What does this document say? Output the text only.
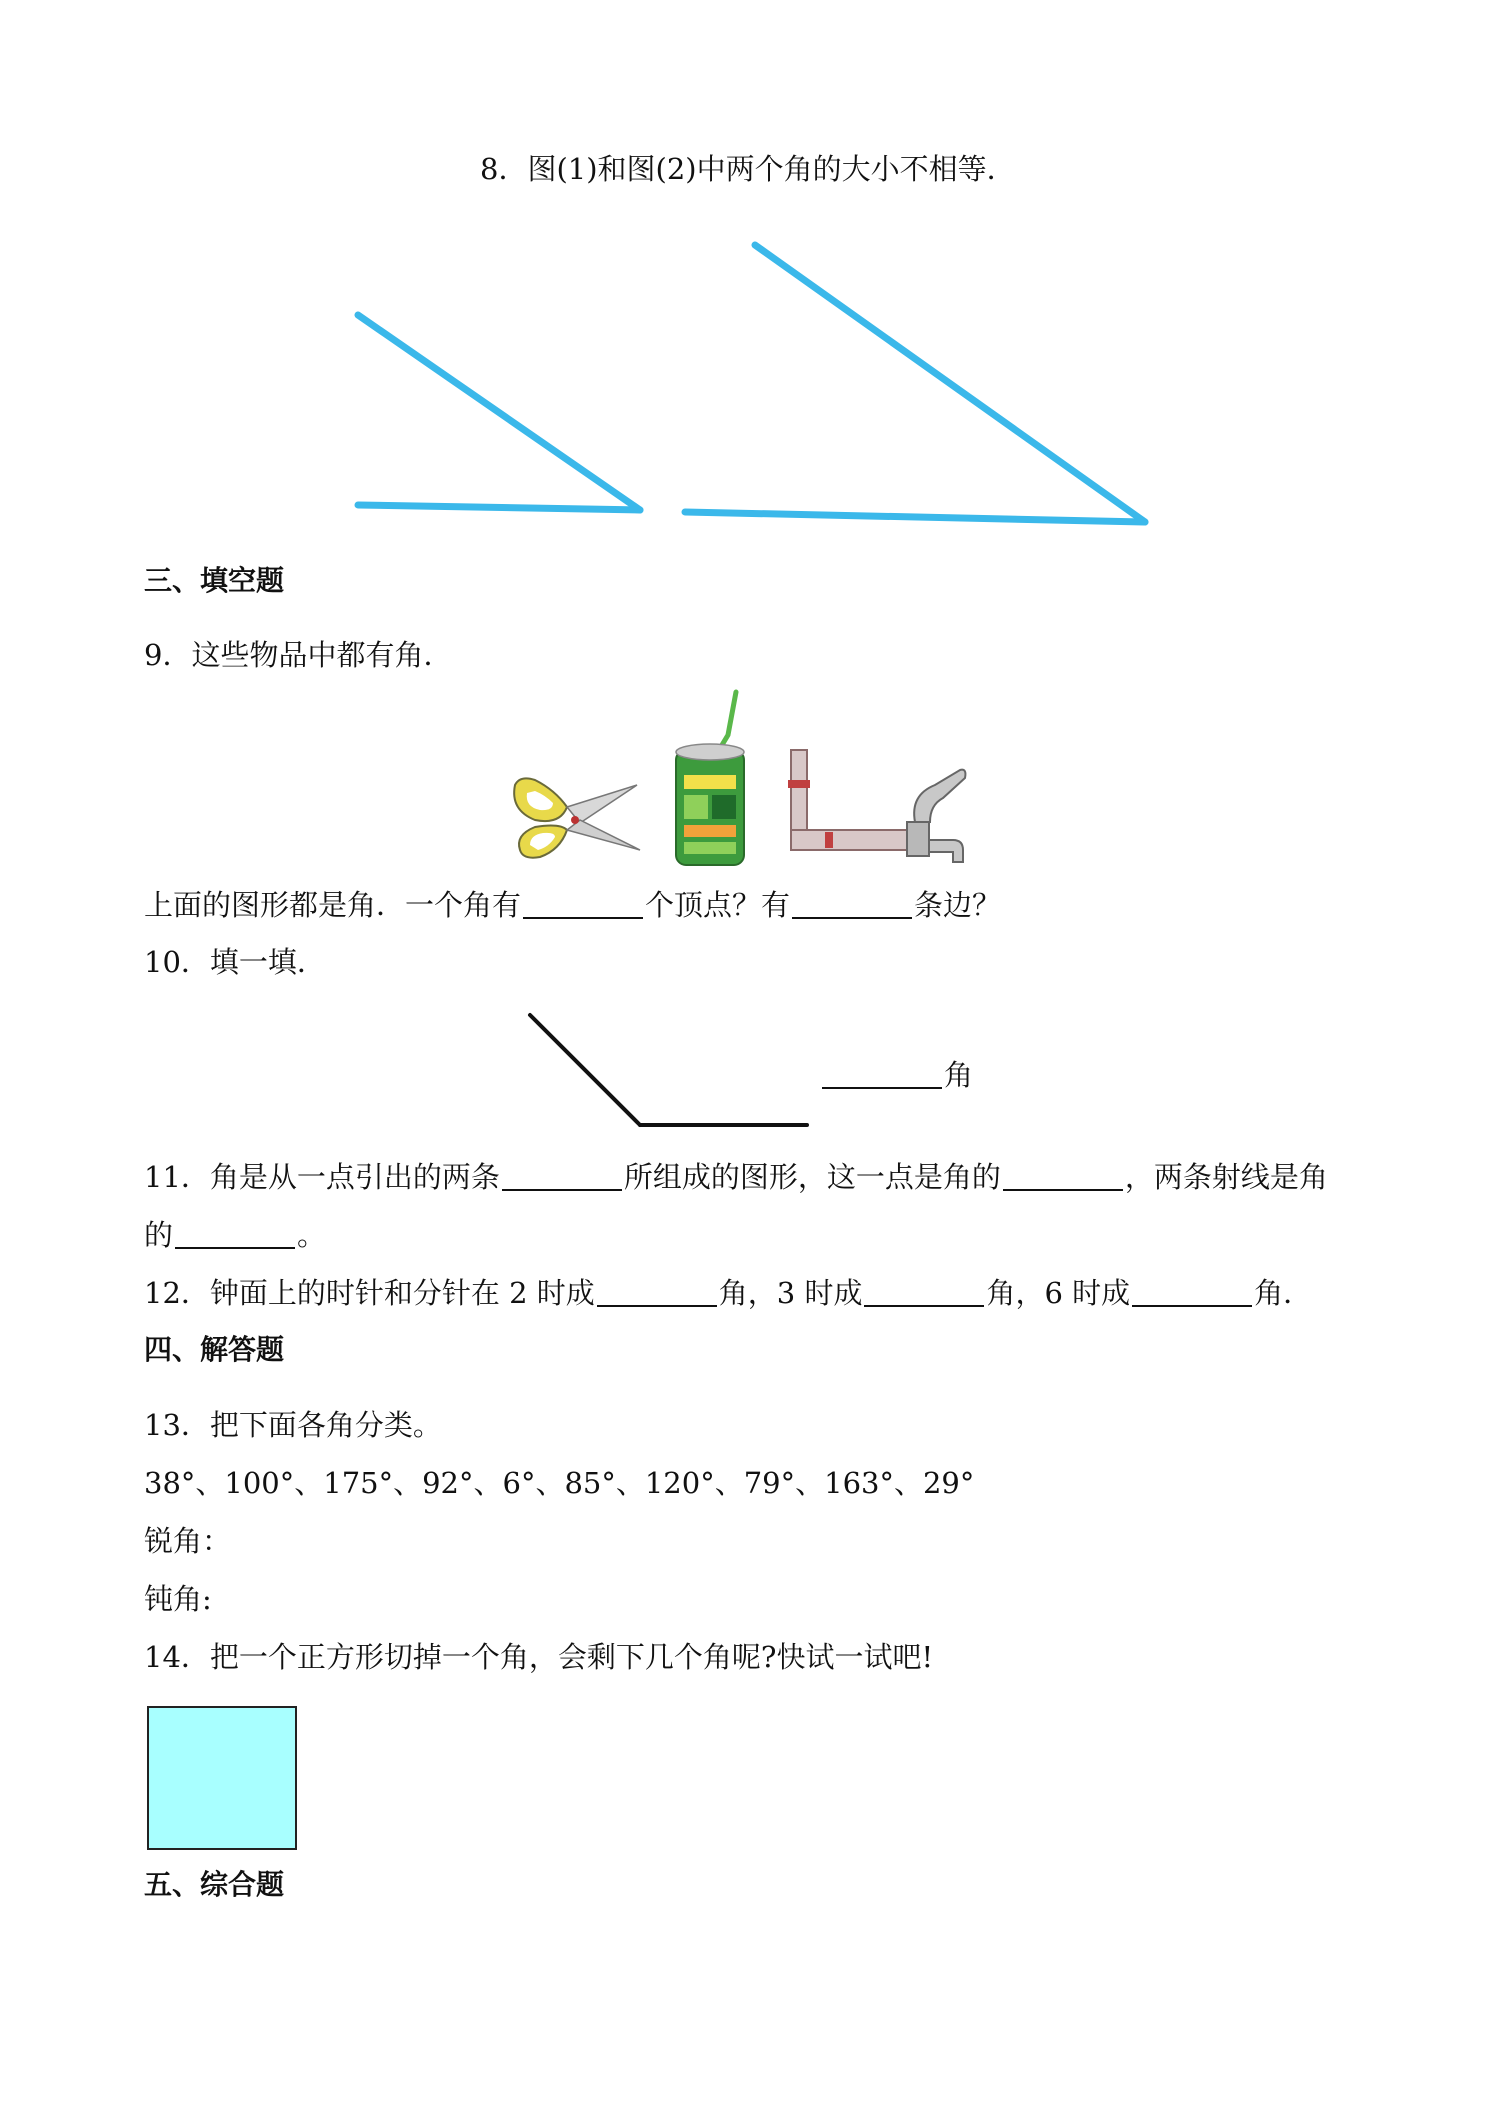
8．图(1)和图(2)中两个角的大小不相等．
三、填空题
9．这些物品中都有角．
上面的图形都是角．一个角有	个顶点？有	条边？
10．填一填．
角
11．角是从一点引出的两条	所组成的图形，这一点是角的	，两条射线是角
的	。
12．钟面上的时针和分针在 2 时成	角，3 时成	角，6 时成	角．
四、解答题
13．把下面各角分类。
38°、100°、175°、92°、6°、85°、120°、79°、163°、29°
锐角：
钝角:
14．把一个正方形切掉一个角，会剩下几个角呢?快试一试吧!
五、综合题
